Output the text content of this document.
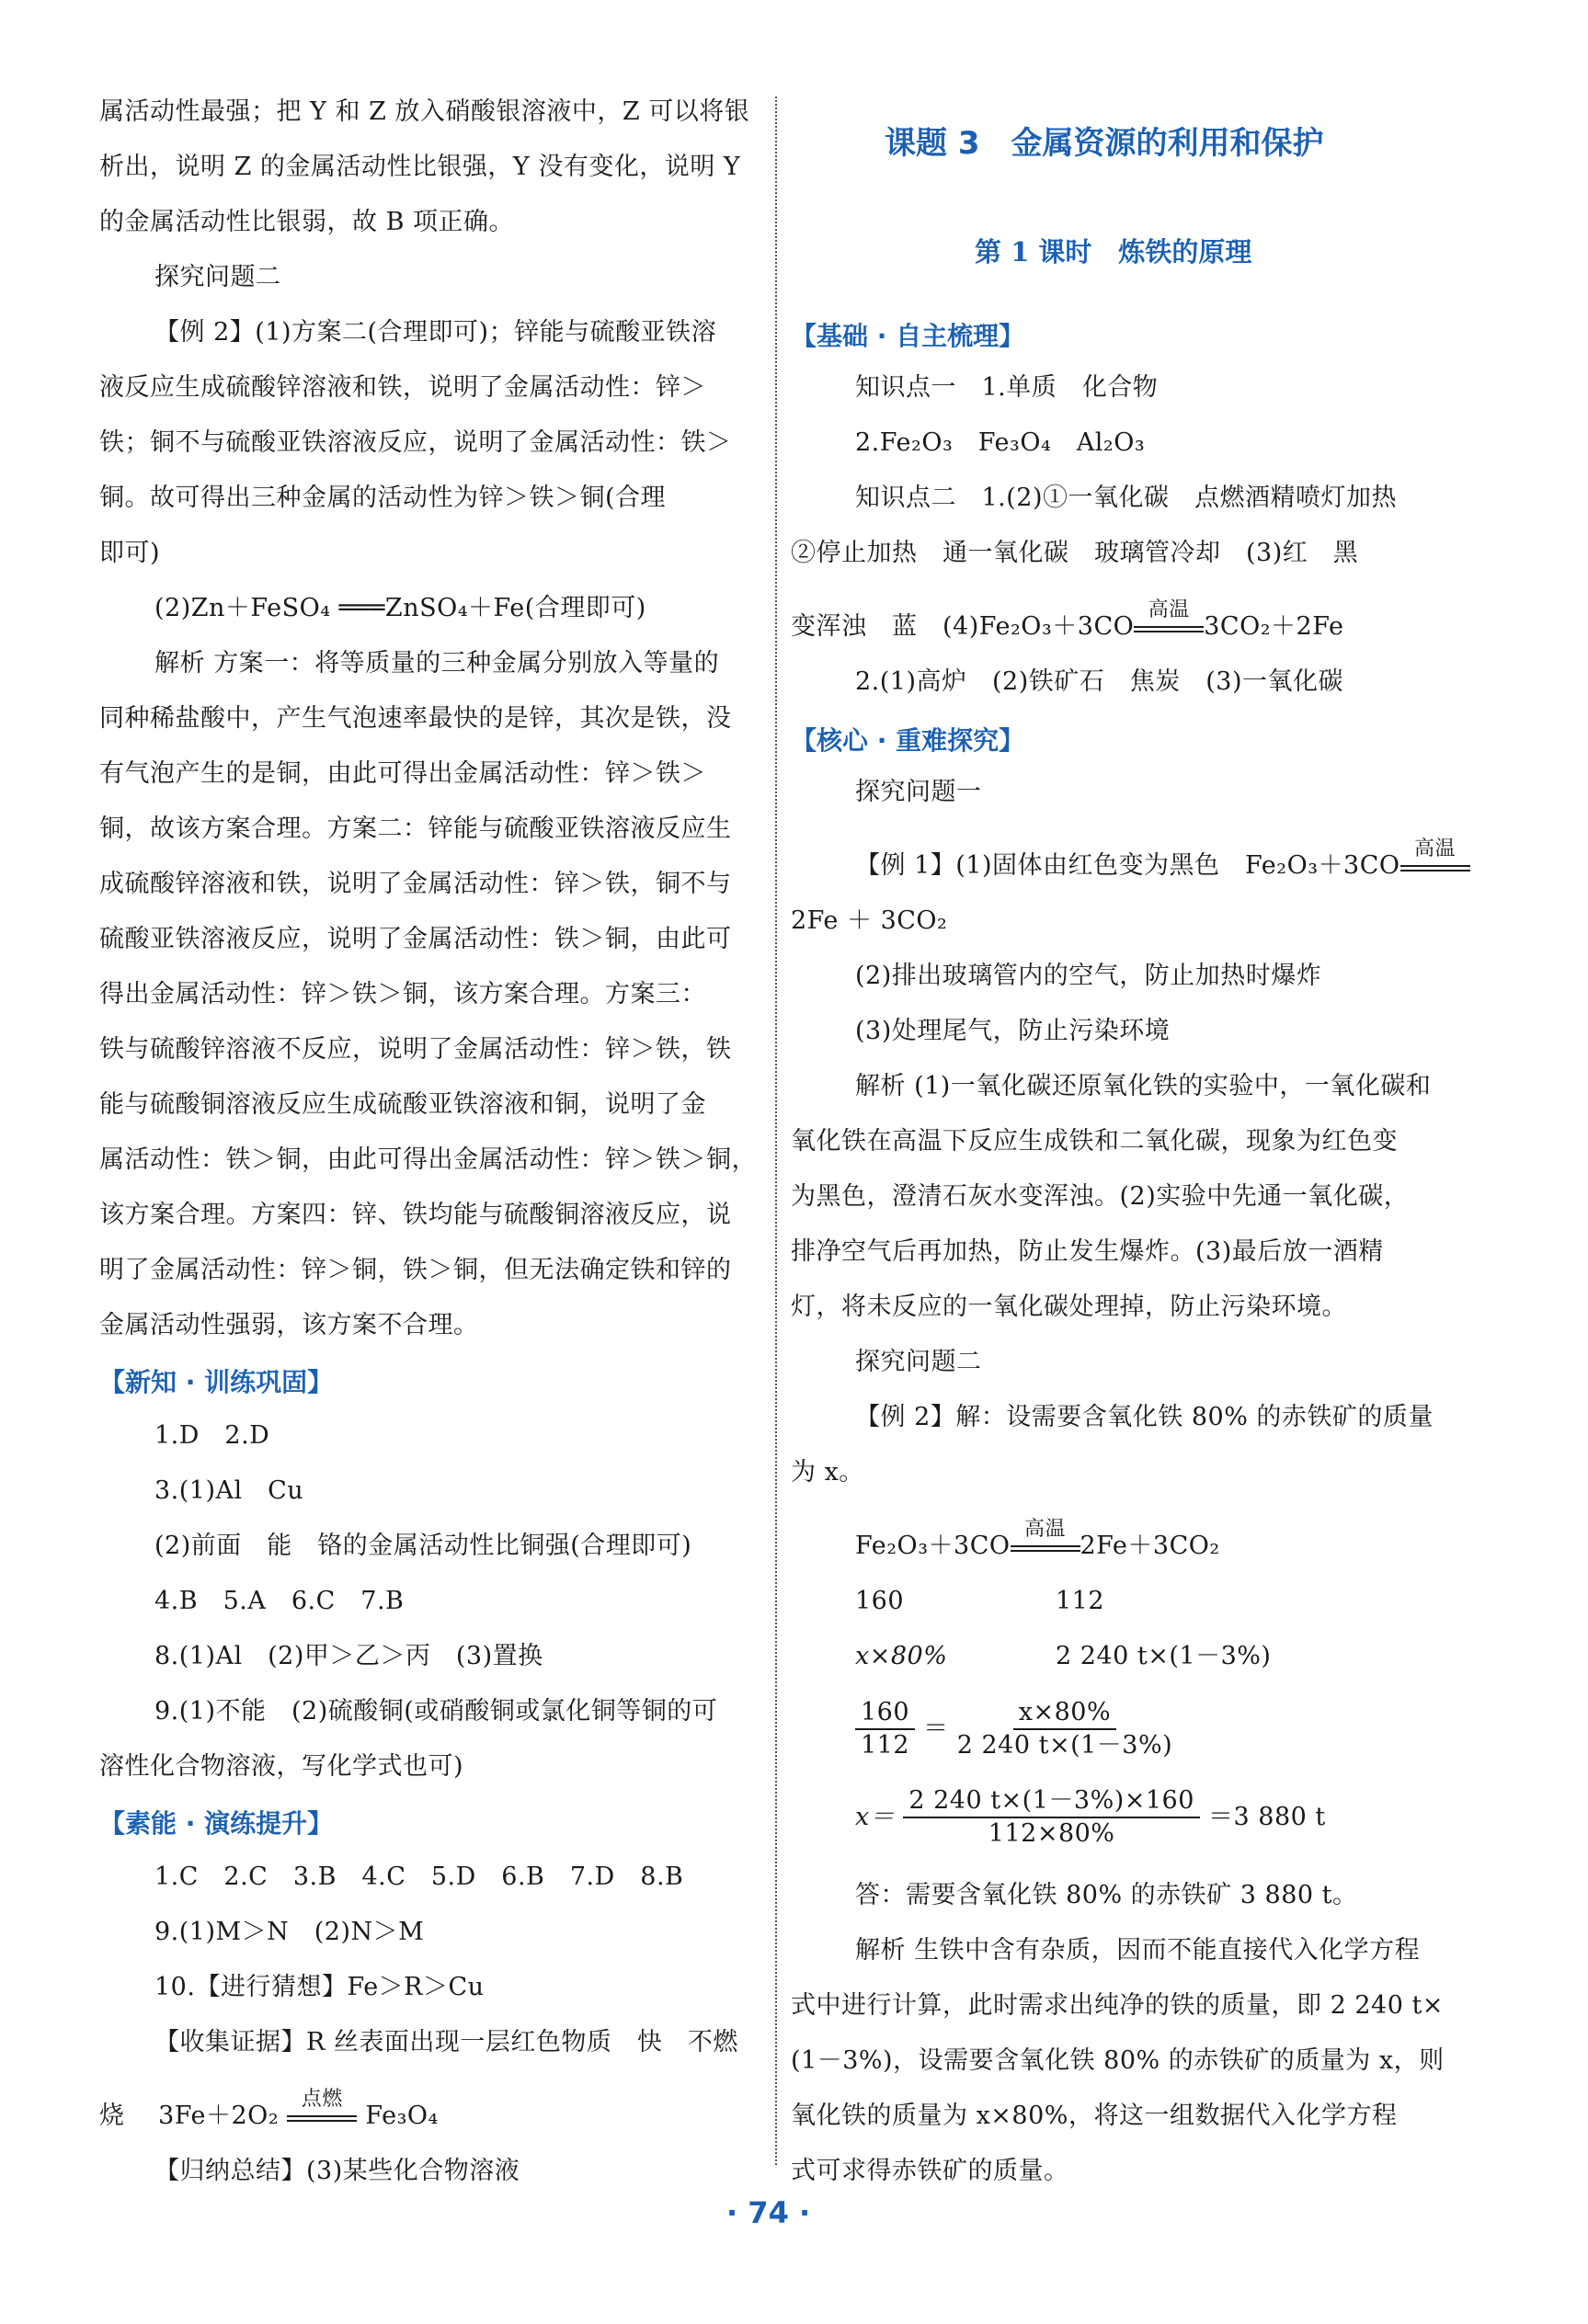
属活动性最强；把 Y 和 Z 放入硝酸银溶液中，Z 可以将银
析出，说明 Z 的金属活动性比银强，Y 没有变化，说明 Y
的金属活动性比银弱，故 B 项正确。
探究问题二
【例 2】(1)方案二(合理即可)；锌能与硫酸亚铁溶
液反应生成硫酸锌溶液和铁，说明了金属活动性：锌＞
铁；铜不与硫酸亚铁溶液反应，说明了金属活动性：铁＞
铜。故可得出三种金属的活动性为锌＞铁＞铜(合理
即可)
(2)Zn＋FeSO₄ ═══ZnSO₄＋Fe(合理即可)
解析 方案一：将等质量的三种金属分别放入等量的
同种稀盐酸中，产生气泡速率最快的是锌，其次是铁，没
有气泡产生的是铜，由此可得出金属活动性：锌＞铁＞
铜，故该方案合理。方案二：锌能与硫酸亚铁溶液反应生
成硫酸锌溶液和铁，说明了金属活动性：锌＞铁，铜不与
硫酸亚铁溶液反应，说明了金属活动性：铁＞铜，由此可
得出金属活动性：锌＞铁＞铜，该方案合理。方案三：
铁与硫酸锌溶液不反应，说明了金属活动性：锌＞铁，铁
能与硫酸铜溶液反应生成硫酸亚铁溶液和铜，说明了金
属活动性：铁＞铜，由此可得出金属活动性：锌＞铁＞铜，
该方案合理。方案四：锌、铁均能与硫酸铜溶液反应，说
明了金属活动性：锌＞铜，铁＞铜，但无法确定铁和锌的
金属活动性强弱，该方案不合理。
【新知 · 训练巩固】
1.D　2.D
3.(1)Al　Cu
(2)前面　能　铬的金属活动性比铜强(合理即可)
4.B　5.A　6.C　7.B
8.(1)Al　(2)甲＞乙＞丙　(3)置换
9.(1)不能　(2)硫酸铜(或硝酸铜或氯化铜等铜的可
溶性化合物溶液，写化学式也可)
【素能 · 演练提升】
1.C　2.C　3.B　4.C　5.D　6.B　7.D　8.B
9.(1)M＞N　(2)N＞M
10.【进行猜想】Fe＞R＞Cu
【收集证据】R 丝表面出现一层红色物质　快　不燃
烧　 3Fe＋2O₂
点燃
Fe₃O₄
【归纳总结】(3)某些化合物溶液
课题 3　金属资源的利用和保护
第 1 课时　炼铁的原理
【基础 · 自主梳理】
知识点一　1.单质　化合物
2.Fe₂O₃　Fe₃O₄　Al₂O₃
知识点二　1.(2)①一氧化碳　点燃酒精喷灯加热
②停止加热　通一氧化碳　玻璃管冷却　(3)红　黑
变浑浊　蓝　(4)Fe₂O₃＋3CO
高温
3CO₂＋2Fe
2.(1)高炉　(2)铁矿石　焦炭　(3)一氧化碳
【核心 · 重难探究】
探究问题一
【例 1】(1)固体由红色变为黑色　Fe₂O₃＋3CO
高温
2Fe ＋ 3CO₂
(2)排出玻璃管内的空气，防止加热时爆炸
(3)处理尾气，防止污染环境
解析 (1)一氧化碳还原氧化铁的实验中，一氧化碳和
氧化铁在高温下反应生成铁和二氧化碳，现象为红色变
为黑色，澄清石灰水变浑浊。(2)实验中先通一氧化碳，
排净空气后再加热，防止发生爆炸。(3)最后放一酒精
灯，将未反应的一氧化碳处理掉，防止污染环境。
探究问题二
【例 2】解：设需要含氧化铁 80% 的赤铁矿的质量
为 x。
Fe₂O₃＋3CO
高温
2Fe＋3CO₂
160	112
x×80%	2 240 t×(1－3%)
$\frac{160}{112} = \frac{x\times 80\%}{2 240 t\times(1-3\%)}$
$x= \frac{2 240 t\times(1-3\%)\times 160}{112\times 80\%} =3$ 880 t
答：需要含氧化铁 80% 的赤铁矿 3 880 t。
解析 生铁中含有杂质，因而不能直接代入化学方程
式中进行计算，此时需求出纯净的铁的质量，即 2 240 t×
(1－3%)，设需要含氧化铁 80% 的赤铁矿的质量为 x，则
氧化铁的质量为 x×80%，将这一组数据代入化学方程
式可求得赤铁矿的质量。
· 74 ·
